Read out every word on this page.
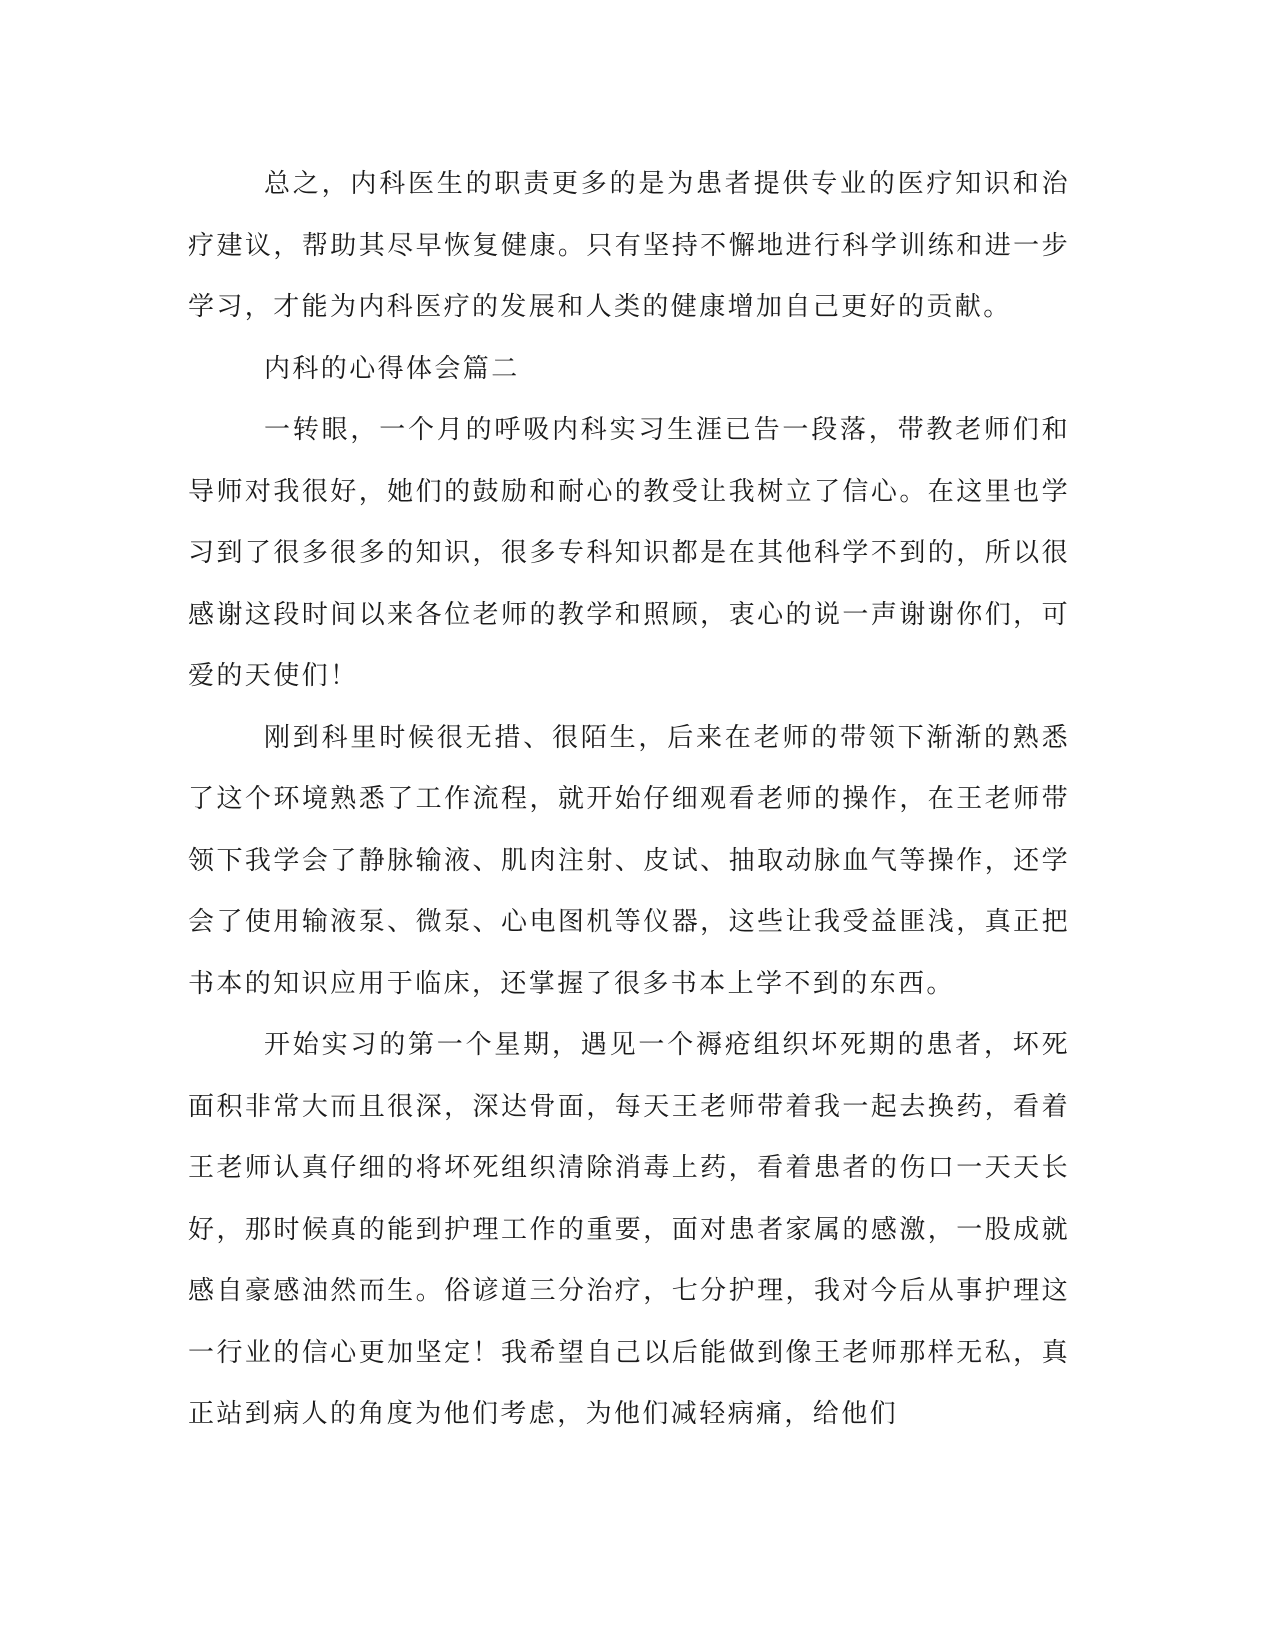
总之，内科医生的职责更多的是为患者提供专业的医疗知识和治疗建议，帮助其尽早恢复健康。只有坚持不懈地进行科学训练和进一步学习，才能为内科医疗的发展和人类的健康增加自己更好的贡献。

内科的心得体会篇二

一转眼，一个月的呼吸内科实习生涯已告一段落，带教老师们和导师对我很好，她们的鼓励和耐心的教受让我树立了信心。在这里也学习到了很多很多的知识，很多专科知识都是在其他科学不到的，所以很感谢这段时间以来各位老师的教学和照顾，衷心的说一声谢谢你们，可爱的天使们！

刚到科里时候很无措、很陌生，后来在老师的带领下渐渐的熟悉了这个环境熟悉了工作流程，就开始仔细观看老师的操作，在王老师带领下我学会了静脉输液、肌肉注射、皮试、抽取动脉血气等操作，还学会了使用输液泵、微泵、心电图机等仪器，这些让我受益匪浅，真正把书本的知识应用于临床，还掌握了很多书本上学不到的东西。

开始实习的第一个星期，遇见一个褥疮组织坏死期的患者，坏死面积非常大而且很深，深达骨面，每天王老师带着我一起去换药，看着王老师认真仔细的将坏死组织清除消毒上药，看着患者的伤口一天天长好，那时候真的能到护理工作的重要，面对患者家属的感激，一股成就感自豪感油然而生。俗谚道三分治疗，七分护理，我对今后从事护理这一行业的信心更加坚定！我希望自己以后能做到像王老师那样无私，真正站到病人的角度为他们考虑，为他们减轻病痛，给他们
